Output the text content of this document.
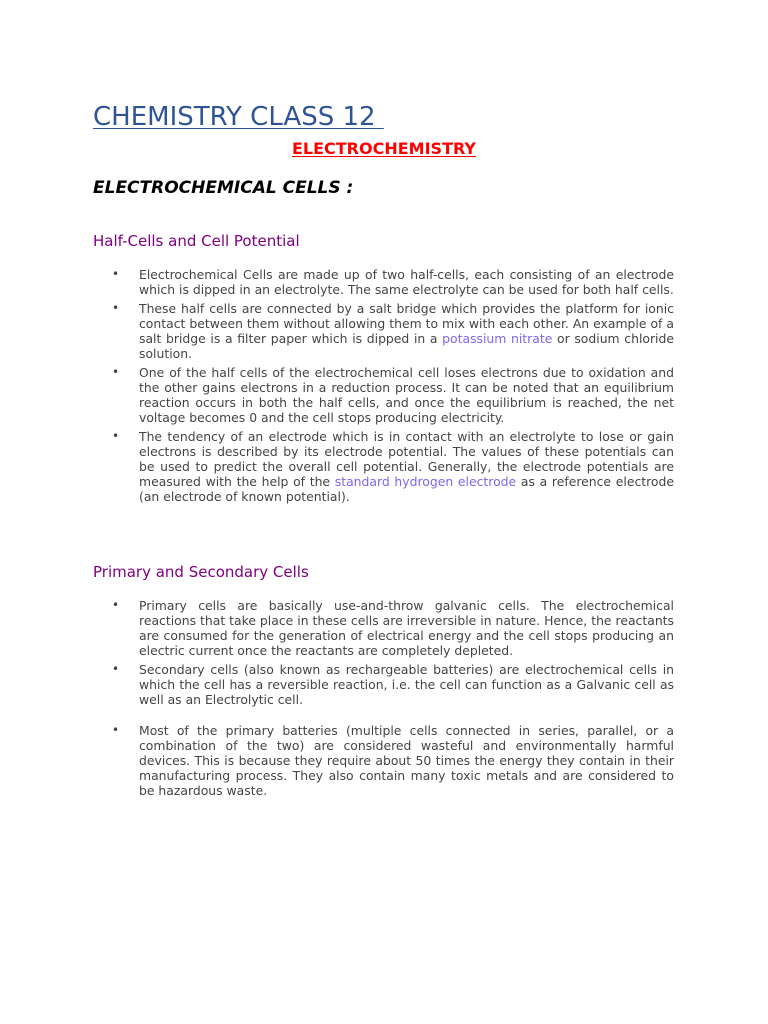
CHEMISTRY CLASS 12
ELECTROCHEMISTRY
ELECTROCHEMICAL CELLS :
Half-Cells and Cell Potential
• Electrochemical Cells are made up of two half-cells, each consisting of an electrode which is dipped in an electrolyte. The same electrolyte can be used for both half cells.
• These half cells are connected by a salt bridge which provides the platform for ionic contact between them without allowing them to mix with each other. An example of a salt bridge is a filter paper which is dipped in a potassium nitrate or sodium chloride solution.
• One of the half cells of the electrochemical cell loses electrons due to oxidation and the other gains electrons in a reduction process. It can be noted that an equilibrium reaction occurs in both the half cells, and once the equilibrium is reached, the net voltage becomes 0 and the cell stops producing electricity.
• The tendency of an electrode which is in contact with an electrolyte to lose or gain electrons is described by its electrode potential. The values of these potentials can be used to predict the overall cell potential. Generally, the electrode potentials are measured with the help of the standard hydrogen electrode as a reference electrode (an electrode of known potential).
Primary and Secondary Cells
• Primary cells are basically use-and-throw galvanic cells. The electrochemical reactions that take place in these cells are irreversible in nature. Hence, the reactants are consumed for the generation of electrical energy and the cell stops producing an electric current once the reactants are completely depleted.
• Secondary cells (also known as rechargeable batteries) are electrochemical cells in which the cell has a reversible reaction, i.e. the cell can function as a Galvanic cell as well as an Electrolytic cell.
• Most of the primary batteries (multiple cells connected in series, parallel, or a combination of the two) are considered wasteful and environmentally harmful devices. This is because they require about 50 times the energy they contain in their manufacturing process. They also contain many toxic metals and are considered to be hazardous waste.
